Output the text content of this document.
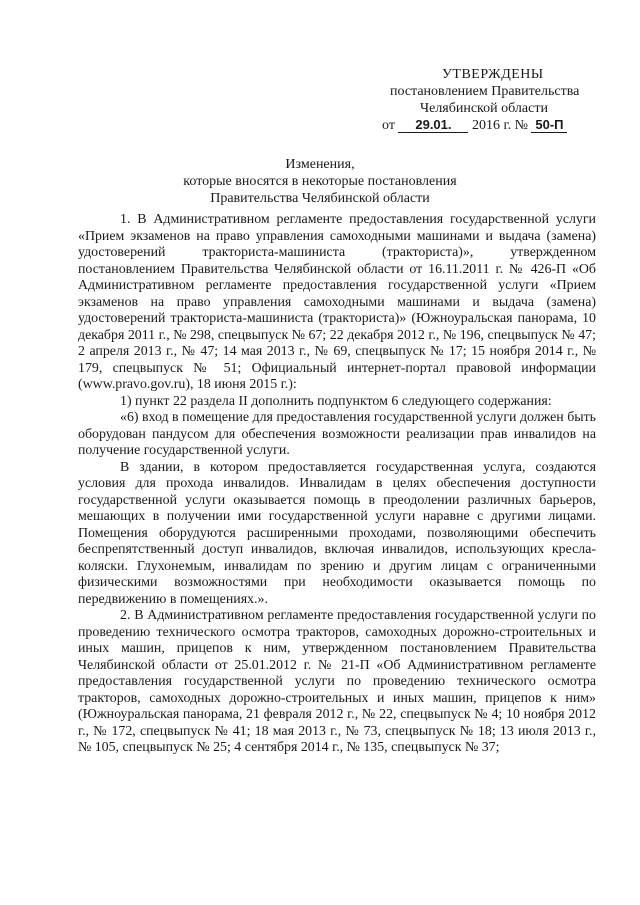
УТВЕРЖДЕНЫ
постановлением Правительства
Челябинской области
от 29.01. 2016 г. № 50-П
Изменения,
которые вносятся в некоторые постановления
Правительства Челябинской области

1. В Административном регламенте предоставления государственной услуги «Прием экзаменов на право управления самоходными машинами и выдача (замена) удостоверений тракториста-машиниста (тракториста)», утвержденном постановлением Правительства Челябинской области от 16.11.2011 г. № 426-П «Об Административном регламенте предоставления государственной услуги «Прием экзаменов на право управления самоходными машинами и выдача (замена) удостоверений тракториста-машиниста (тракториста)» (Южноуральская панорама, 10 декабря 2011 г., № 298, спецвыпуск № 67; 22 декабря 2012 г., № 196, спецвыпуск № 47; 2 апреля 2013 г., № 47; 14 мая 2013 г., № 69, спецвыпуск № 17; 15 ноября 2014 г., № 179, спецвыпуск № 51; Официальный интернет-портал правовой информации (www.pravo.gov.ru), 18 июня 2015 г.):

1) пункт 22 раздела II дополнить подпунктом 6 следующего содержания:

«6) вход в помещение для предоставления государственной услуги должен быть оборудован пандусом для обеспечения возможности реализации прав инвалидов на получение государственной услуги.

В здании, в котором предоставляется государственная услуга, создаются условия для прохода инвалидов. Инвалидам в целях обеспечения доступности государственной услуги оказывается помощь в преодолении различных барьеров, мешающих в получении ими государственной услуги наравне с другими лицами. Помещения оборудуются расширенными проходами, позволяющими обеспечить беспрепятственный доступ инвалидов, включая инвалидов, использующих кресла-коляски. Глухонемым, инвалидам по зрению и другим лицам с ограниченными физическими возможностями при необходимости оказывается помощь по передвижению в помещениях.».

2. В Административном регламенте предоставления государственной услуги по проведению технического осмотра тракторов, самоходных дорожно-строительных и иных машин, прицепов к ним, утвержденном постановлением Правительства Челябинской области от 25.01.2012 г. № 21-П «Об Административном регламенте предоставления государственной услуги по проведению технического осмотра тракторов, самоходных дорожно-строительных и иных машин, прицепов к ним» (Южноуральская панорама, 21 февраля 2012 г., № 22, спецвыпуск № 4; 10 ноября 2012 г., № 172, спецвыпуск № 41; 18 мая 2013 г., № 73, спецвыпуск № 18; 13 июля 2013 г., № 105, спецвыпуск № 25; 4 сентября 2014 г., № 135, спецвыпуск № 37;
